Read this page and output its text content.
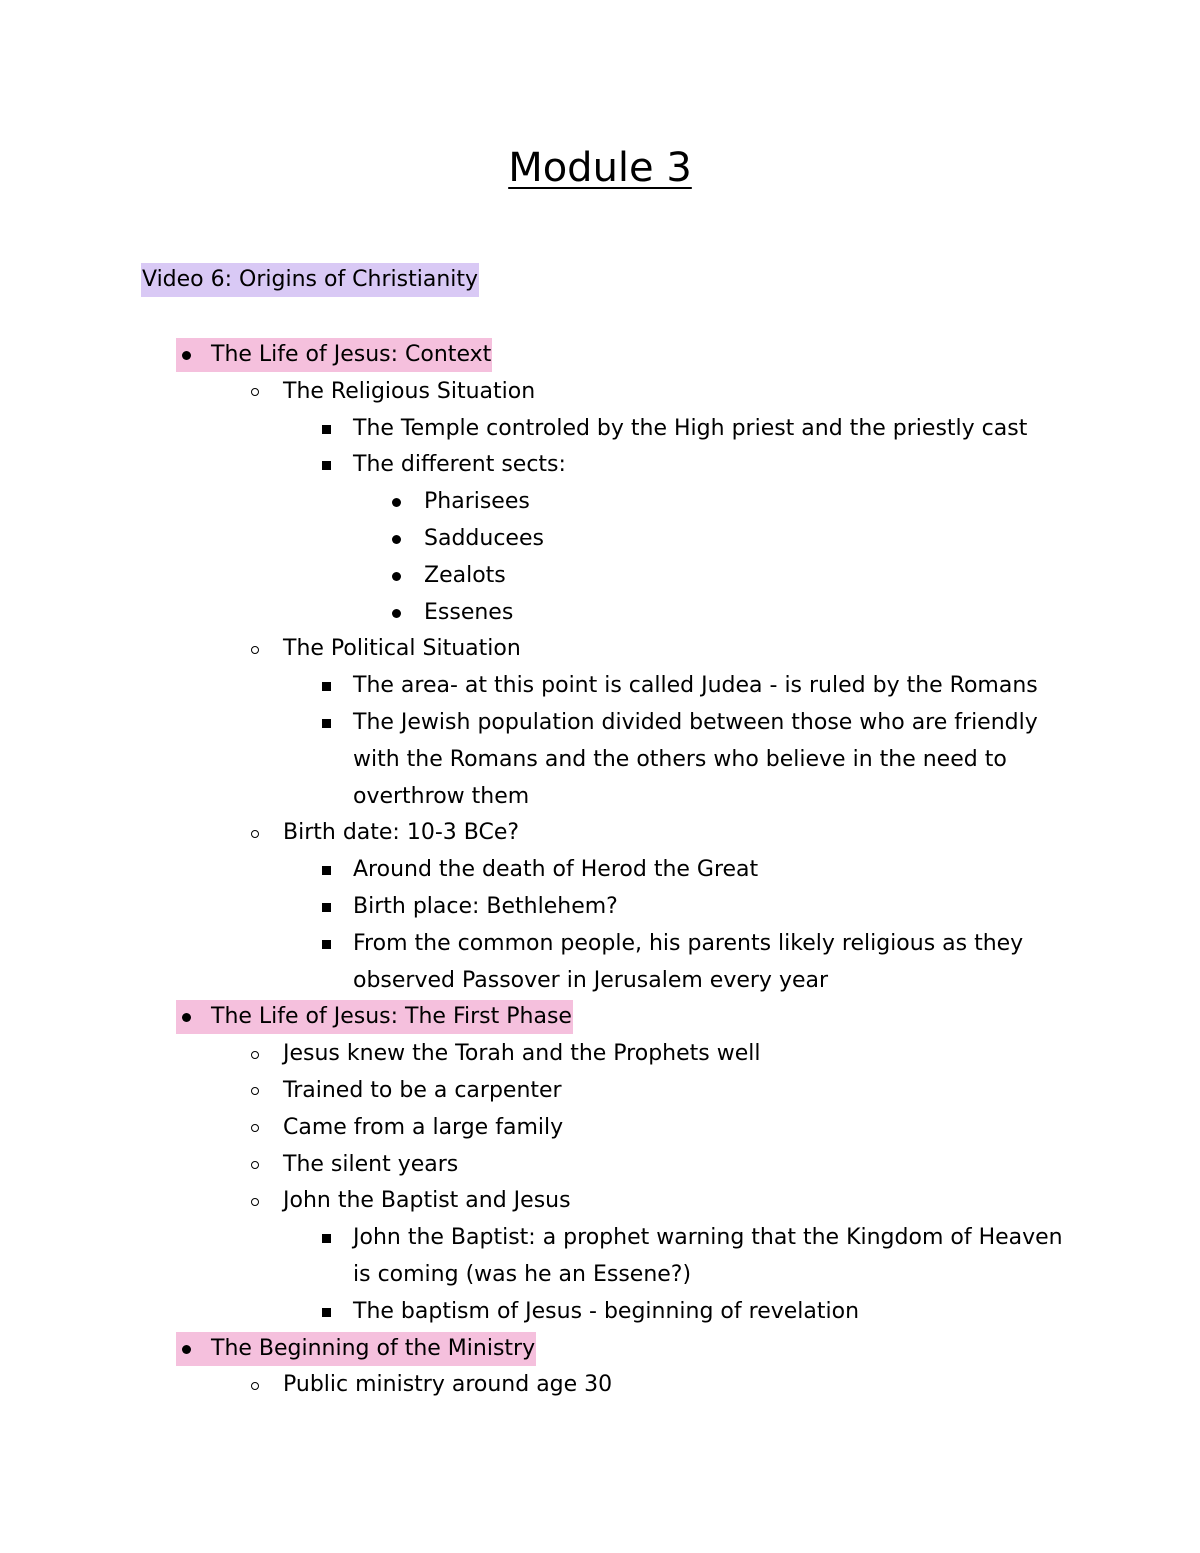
Module 3
Video 6: Origins of Christianity
The Life of Jesus: Context
The Religious Situation
The Temple controled by the High priest and the priestly cast
The different sects:
Pharisees
Sadducees
Zealots
Essenes
The Political Situation
The area- at this point is called Judea - is ruled by the Romans
The Jewish population divided between those who are friendly with the Romans and the others who believe in the need to overthrow them
Birth date: 10-3 BCe?
Around the death of Herod the Great
Birth place: Bethlehem?
From the common people, his parents likely religious as they observed Passover in Jerusalem every year
The Life of Jesus: The First Phase
Jesus knew the Torah and the Prophets well
Trained to be a carpenter
Came from a large family
The silent years
John the Baptist and Jesus
John the Baptist: a prophet warning that the Kingdom of Heaven is coming (was he an Essene?)
The baptism of Jesus - beginning of revelation
The Beginning of the Ministry
Public ministry around age 30
